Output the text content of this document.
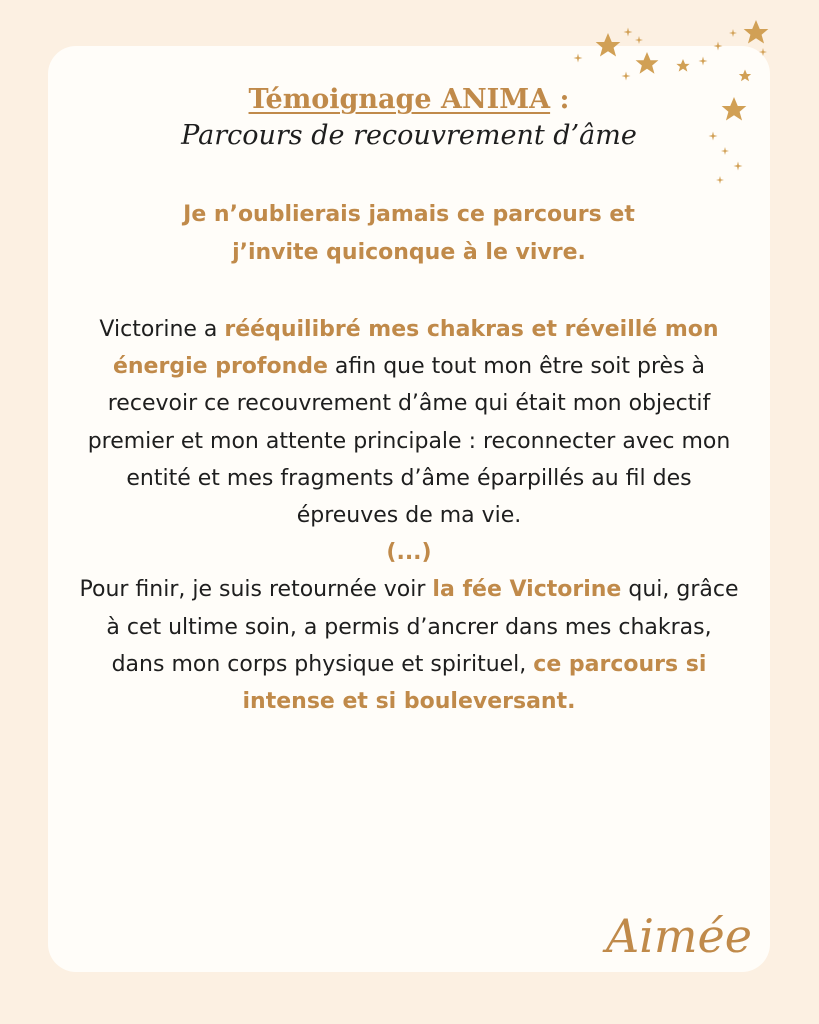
Témoignage ANIMA :
Parcours de recouvrement d’âme
Je n’oublierais jamais ce parcours et
j’invite quiconque à le vivre.
Victorine a rééquilibré mes chakras et réveillé mon énergie profonde afin que tout mon être soit près à recevoir ce recouvrement d’âme qui était mon objectif premier et mon attente principale : reconnecter avec mon entité et mes fragments d’âme éparpillés au fil des épreuves de ma vie.
(...)
Pour finir, je suis retournée voir la fée Victorine qui, grâce à cet ultime soin, a permis d’ancrer dans mes chakras, dans mon corps physique et spirituel, ce parcours si intense et si bouleversant.
Aimée
